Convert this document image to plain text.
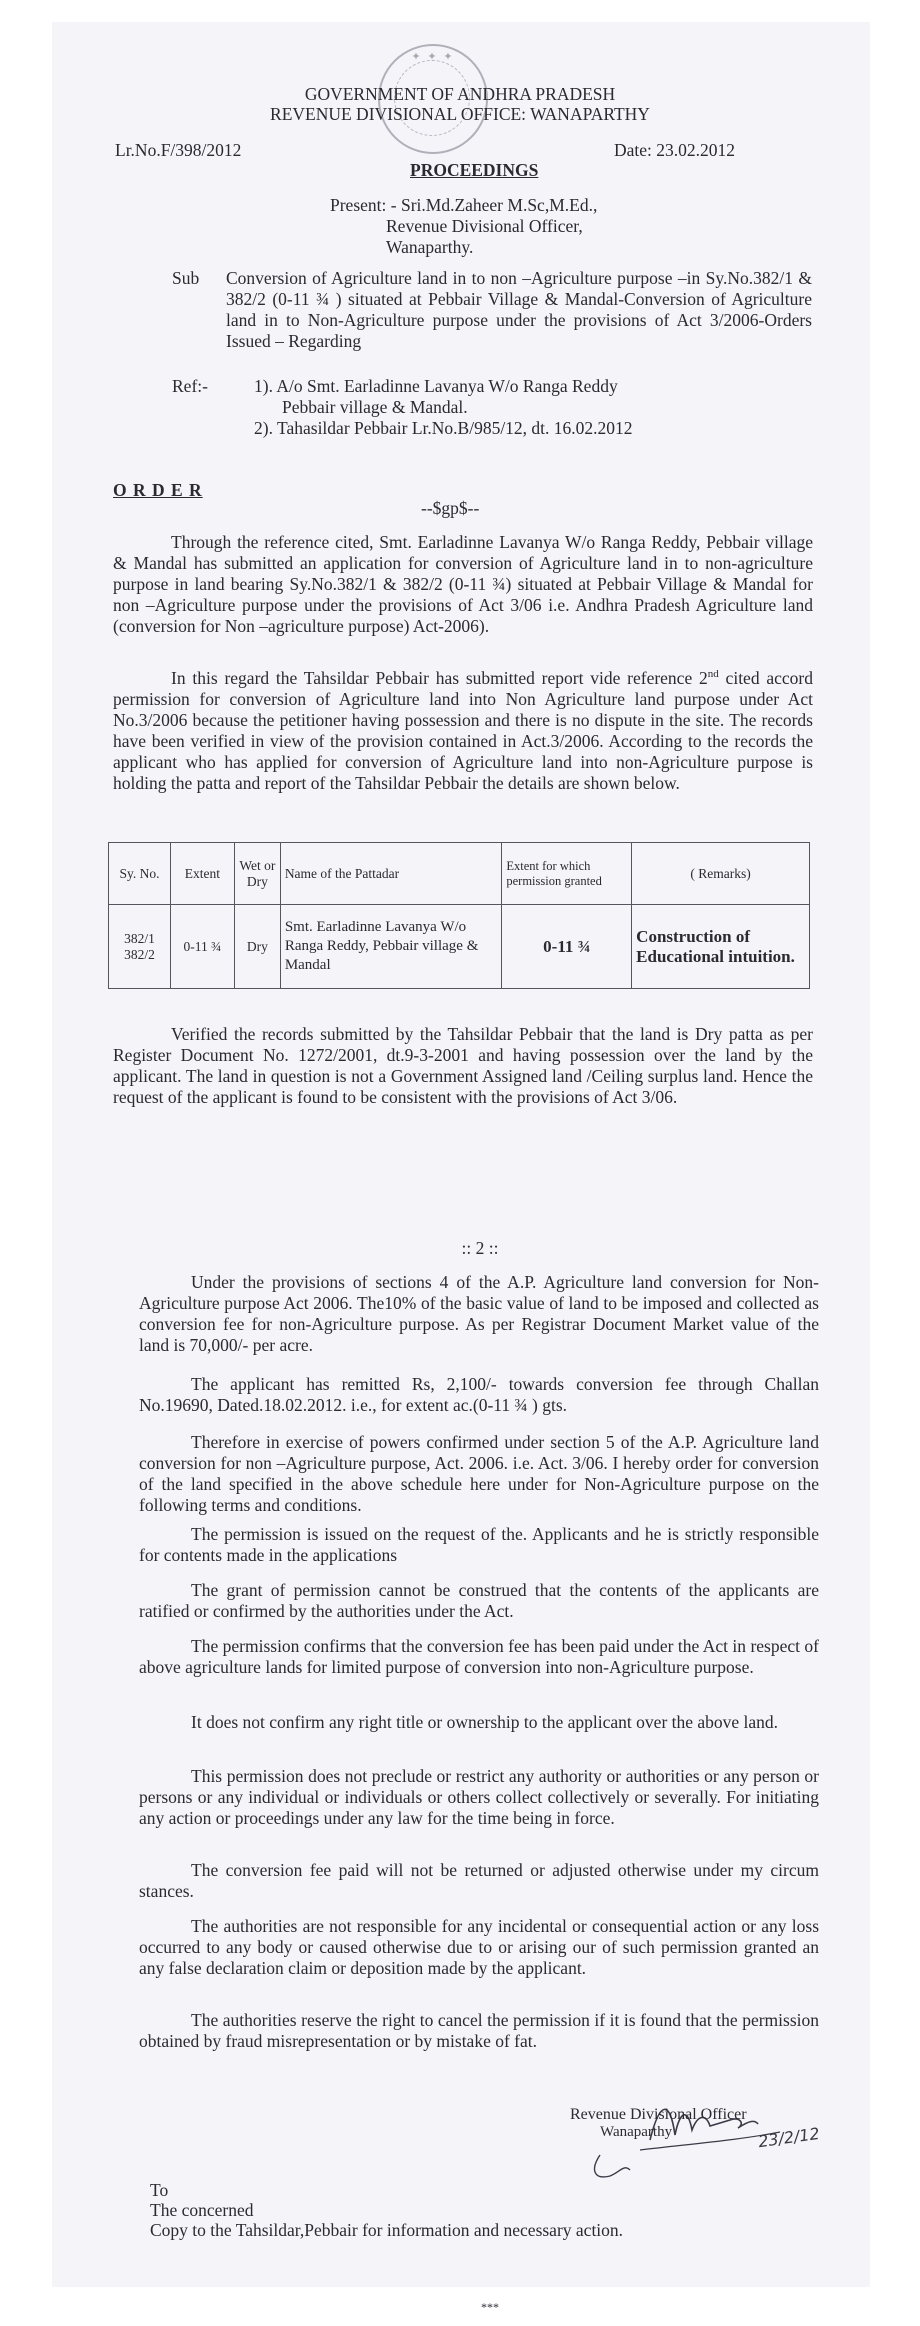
✦ ✦ ✦
GOVERNMENT OF ANDHRA PRADESH
REVENUE DIVISIONAL OFFICE: WANAPARTHY
Lr.No.F/398/2012	Date: 23.02.2012
PROCEEDINGS
Present: - Sri.Md.Zaheer M.Sc,M.Ed.,
Revenue Divisional Officer,
Wanaparthy.
Sub Conversion of Agriculture land in to non –Agriculture purpose –in Sy.No.382/1 & 382/2 (0-11 ¾ ) situated at Pebbair Village & Mandal-Conversion of Agriculture land in to Non-Agriculture purpose under the provisions of Act 3/2006-Orders Issued – Regarding
Ref:-	1). A/o Smt. Earladinne Lavanya W/o Ranga Reddy
Pebbair village & Mandal.
2). Tahasildar Pebbair Lr.No.B/985/12, dt. 16.02.2012
O R D E R
--$gp$--

Through the reference cited, Smt. Earladinne Lavanya W/o Ranga Reddy, Pebbair village & Mandal has submitted an application for conversion of Agriculture land in to non-agriculture purpose in land bearing Sy.No.382/1 & 382/2 (0-11 ¾) situated at Pebbair Village & Mandal for non –Agriculture purpose under the provisions of Act 3/06 i.e. Andhra Pradesh Agriculture land (conversion for Non –agriculture purpose) Act-2006).

In this regard the Tahsildar Pebbair has submitted report vide reference 2nd cited accord permission for conversion of Agriculture land into Non Agriculture land purpose under Act No.3/2006 because the petitioner having possession and there is no dispute in the site. The records have been verified in view of the provision contained in Act.3/2006. According to the records the applicant who has applied for conversion of Agriculture land into non-Agriculture purpose is holding the patta and report of the Tahsildar Pebbair the details are shown below.

Sy. No.	Extent	Wet or Dry	Name of the Pattadar	Extent for which permission granted	( Remarks)

382/1
382/2	0-11 ¾	Dry	Smt. Earladinne Lavanya W/o Ranga Reddy, Pebbair village & Mandal	0-11 ¾	Construction of Educational intuition.

Verified the records submitted by the Tahsildar Pebbair that the land is Dry patta as per Register Document No. 1272/2001, dt.9-3-2001 and having possession over the land by the applicant. The land in question is not a Government Assigned land /Ceiling surplus land. Hence the request of the applicant is found to be consistent with the provisions of Act 3/06.

:: 2 ::

Under the provisions of sections 4 of the A.P. Agriculture land conversion for Non-Agriculture purpose Act 2006. The10% of the basic value of land to be imposed and collected as conversion fee for non-Agriculture purpose. As per Registrar Document Market value of the land is 70,000/- per acre.

The applicant has remitted Rs, 2,100/- towards conversion fee through Challan No.19690, Dated.18.02.2012. i.e., for extent ac.(0-11 ¾ ) gts.

Therefore in exercise of powers confirmed under section 5 of the A.P. Agriculture land conversion for non –Agriculture purpose, Act. 2006. i.e. Act. 3/06. I hereby order for conversion of the land specified in the above schedule here under for Non-Agriculture purpose on the following terms and conditions.

The permission is issued on the request of the. Applicants and he is strictly responsible for contents made in the applications

The grant of permission cannot be construed that the contents of the applicants are ratified or confirmed by the authorities under the Act.

The permission confirms that the conversion fee has been paid under the Act in respect of above agriculture lands for limited purpose of conversion into non-Agriculture purpose.

It does not confirm any right title or ownership to the applicant over the above land.

This permission does not preclude or restrict any authority or authorities or any person or persons or any individual or individuals or others collect collectively or severally. For initiating any action or proceedings under any law for the time being in force.

The conversion fee paid will not be returned or adjusted otherwise under my circum stances.

The authorities are not responsible for any incidental or consequential action or any loss occurred to any body or caused otherwise due to or arising our of such permission granted an any false declaration claim or deposition made by the applicant.

The authorities reserve the right to cancel the permission if it is found that the permission obtained by fraud misrepresentation or by mistake of fat.

Revenue Divisional Officer
Wanaparthy	23/2/12
To
The concerned
Copy to the Tahsildar,Pebbair for information and necessary action.
***
